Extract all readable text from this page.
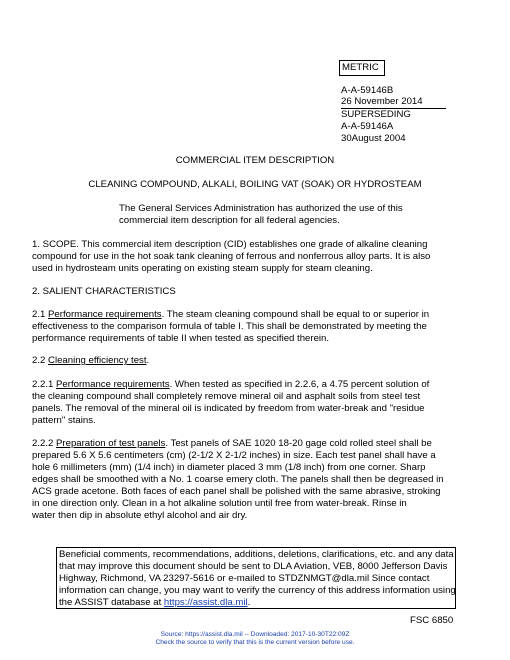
METRIC
A-A-59146B
26 November 2014
SUPERSEDING
A-A-59146A
30August 2004
COMMERCIAL ITEM DESCRIPTION
CLEANING COMPOUND, ALKALI, BOILING VAT (SOAK) OR HYDROSTEAM
The General Services Administration has authorized the use of this
commercial item description for all federal agencies.
1. SCOPE. This commercial item description (CID) establishes one grade of alkaline cleaning
compound for use in the hot soak tank cleaning of ferrous and nonferrous alloy parts. It is also
used in hydrosteam units operating on existing steam supply for steam cleaning.
2. SALIENT CHARACTERISTICS
2.1 Performance requirements. The steam cleaning compound shall be equal to or superior in
effectiveness to the comparison formula of table I. This shall be demonstrated by meeting the
performance requirements of table II when tested as specified therein.
2.2 Cleaning efficiency test.
2.2.1 Performance requirements. When tested as specified in 2.2.6, a 4.75 percent solution of
the cleaning compound shall completely remove mineral oil and asphalt soils from steel test
panels. The removal of the mineral oil is indicated by freedom from water-break and "residue
pattern" stains.
2.2.2 Preparation of test panels. Test panels of SAE 1020 18-20 gage cold rolled steel shall be
prepared 5.6 X 5.6 centimeters (cm) (2-1/2 X 2-1/2 inches) in size. Each test panel shall have a
hole 6 millimeters (mm) (1/4 inch) in diameter placed 3 mm (1/8 inch) from one corner. Sharp
edges shall be smoothed with a No. 1 coarse emery cloth. The panels shall then be degreased in
ACS grade acetone. Both faces of each panel shall be polished with the same abrasive, stroking
in one direction only. Clean in a hot alkaline solution until free from water-break. Rinse in
water then dip in absolute ethyl alcohol and air dry.
Beneficial comments, recommendations, additions, deletions, clarifications, etc. and any data
that may improve this document should be sent to DLA Aviation, VEB, 8000 Jefferson Davis
Highway, Richmond, VA 23297-5616 or e-mailed to STDZNMGT@dla.mil Since contact
information can change, you may want to verify the currency of this address information using
the ASSIST database at https://assist.dla.mil.
FSC 6850
Source: https://assist.dla.mil -- Downloaded: 2017-10-30T22:09Z
Check the source to verify that this is the current version before use.
